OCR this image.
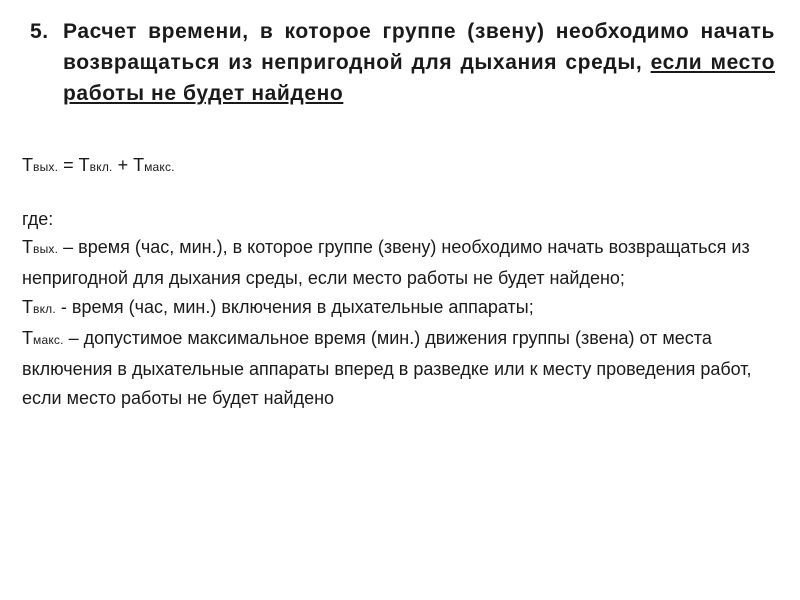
5. Расчет времени, в которое группе (звену) необходимо начать возвращаться из непригодной для дыхания среды, если место работы не будет найдено
Твых. = Твкл. + Тмакс.
где:

Твых. – время (час, мин.), в которое группе (звену) необходимо начать возвращаться из непригодной для дыхания среды, если место работы не будет найдено;

Твкл. - время (час, мин.) включения в дыхательные аппараты;

Тмакс. – допустимое максимальное время (мин.) движения группы (звена) от места включения в дыхательные аппараты вперед в разведке или к месту проведения работ, если место работы не будет найдено
